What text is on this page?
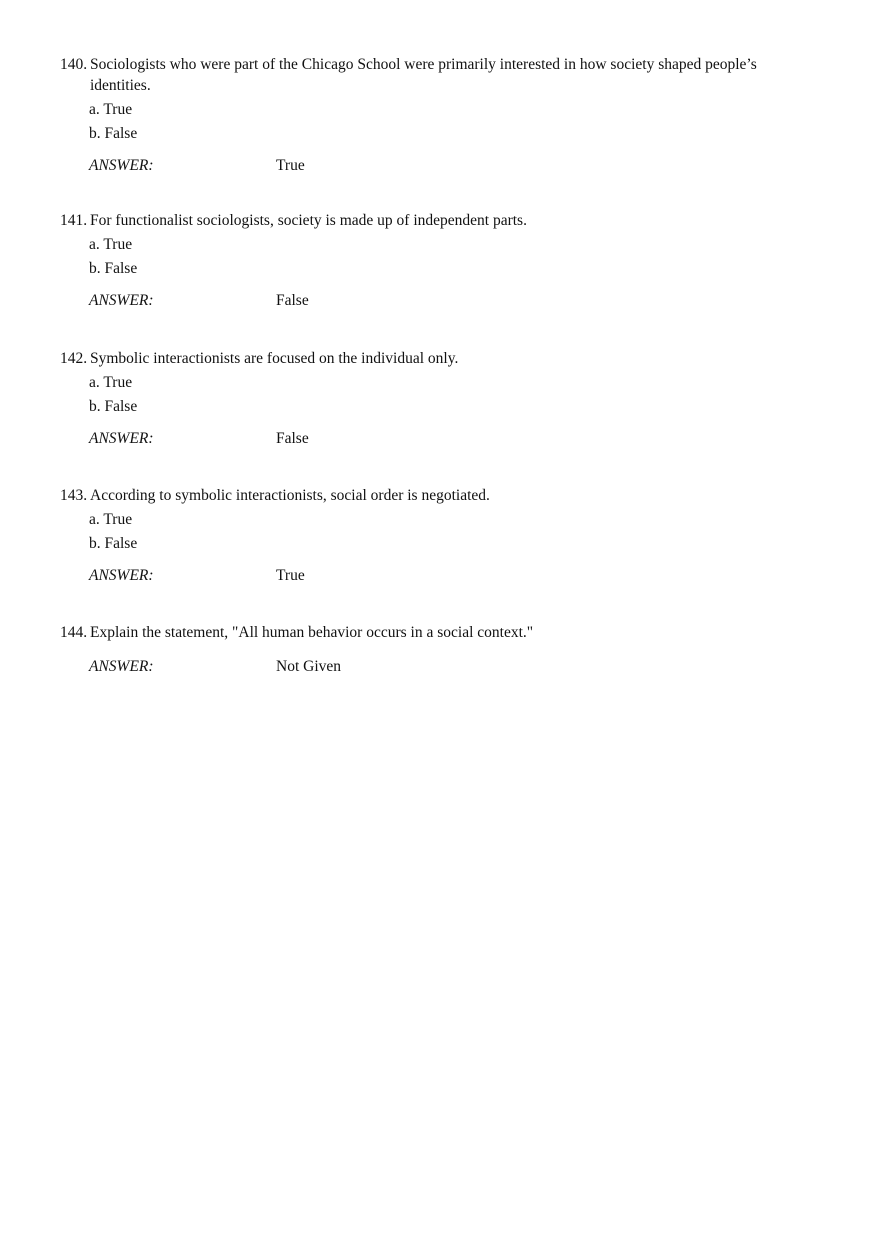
140. Sociologists who were part of the Chicago School were primarily interested in how society shaped people’s identities.
a. True
b. False
ANSWER:	True
141. For functionalist sociologists, society is made up of independent parts.
a. True
b. False
ANSWER:	False
142. Symbolic interactionists are focused on the individual only.
a. True
b. False
ANSWER:	False
143. According to symbolic interactionists, social order is negotiated.
a. True
b. False
ANSWER:	True
144. Explain the statement, "All human behavior occurs in a social context."
ANSWER:	Not Given
